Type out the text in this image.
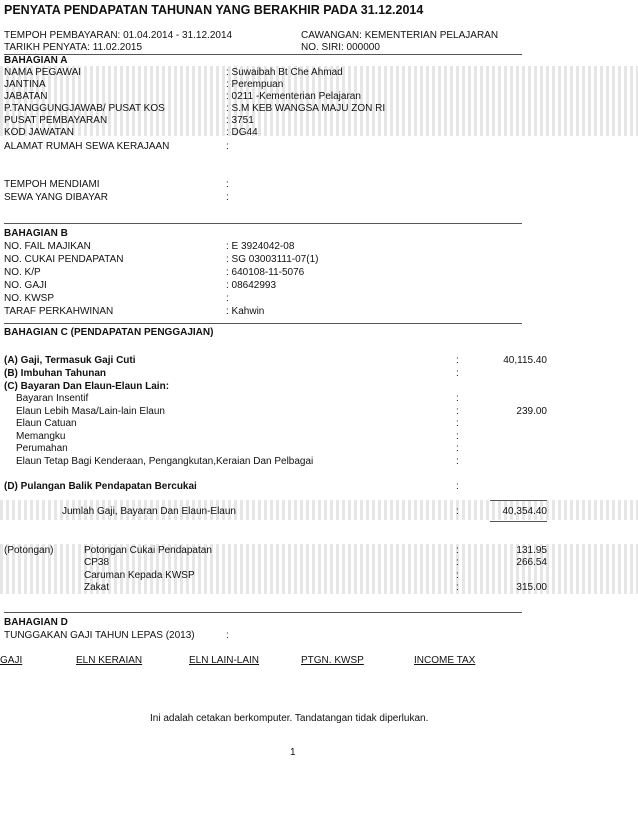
PENYATA PENDAPATAN TAHUNAN YANG BERAKHIR PADA 31.12.2014
TEMPOH PEMBAYARAN: 01.04.2014 - 31.12.2014	CAWANGAN: KEMENTERIAN PELAJARAN
TARIKH PENYATA: 11.02.2015	NO. SIRI: 000000
BAHAGIAN A
NAMA PEGAWAI	: Suwaibah Bt Che Ahmad
JANTINA	: Perempuan
JABATAN	: 0211 -Kementerian Pelajaran
P.TANGGUNGJAWAB/ PUSAT KOS	: S.M KEB WANGSA MAJU ZON RI
PUSAT PEMBAYARAN	: 3751
KOD JAWATAN	: DG44
ALAMAT RUMAH SEWA KERAJAAN	:
TEMPOH MENDIAMI	:
SEWA YANG DIBAYAR	:
BAHAGIAN B
NO. FAIL MAJIKAN	: E 3924042-08
NO. CUKAI PENDAPATAN	: SG 03003111-07(1)
NO. K/P	: 640108-11-5076
NO. GAJI	: 08642993
NO. KWSP	:
TARAF PERKAHWINAN	: Kahwin
BAHAGIAN C (PENDAPATAN PENGGAJIAN)
(A) Gaji, Termasuk Gaji Cuti	:	40,115.40
(B) Imbuhan Tahunan	:
(C) Bayaran Dan Elaun-Elaun Lain:
Bayaran Insentif	:
Elaun Lebih Masa/Lain-lain Elaun	:	239.00
Elaun Catuan	:
Memangku	:
Perumahan	:
Elaun Tetap Bagi Kenderaan, Pengangkutan,Keraian Dan Pelbagai	:
(D) Pulangan Balik Pendapatan Bercukai	:
Jumlah Gaji, Bayaran Dan Elaun-Elaun	:	40,354.40
(Potongan)	Potongan Cukai Pendapatan	:	131.95
CP38	:	266.54
Caruman Kepada KWSP	:
Zakat	:	315.00
BAHAGIAN D
TUNGGAKAN GAJI TAHUN LEPAS (2013)	:
GAJI	ELN KERAIAN	ELN LAIN-LAIN	PTGN. KWSP	INCOME TAX
Ini adalah cetakan berkomputer. Tandatangan tidak diperlukan.
1
